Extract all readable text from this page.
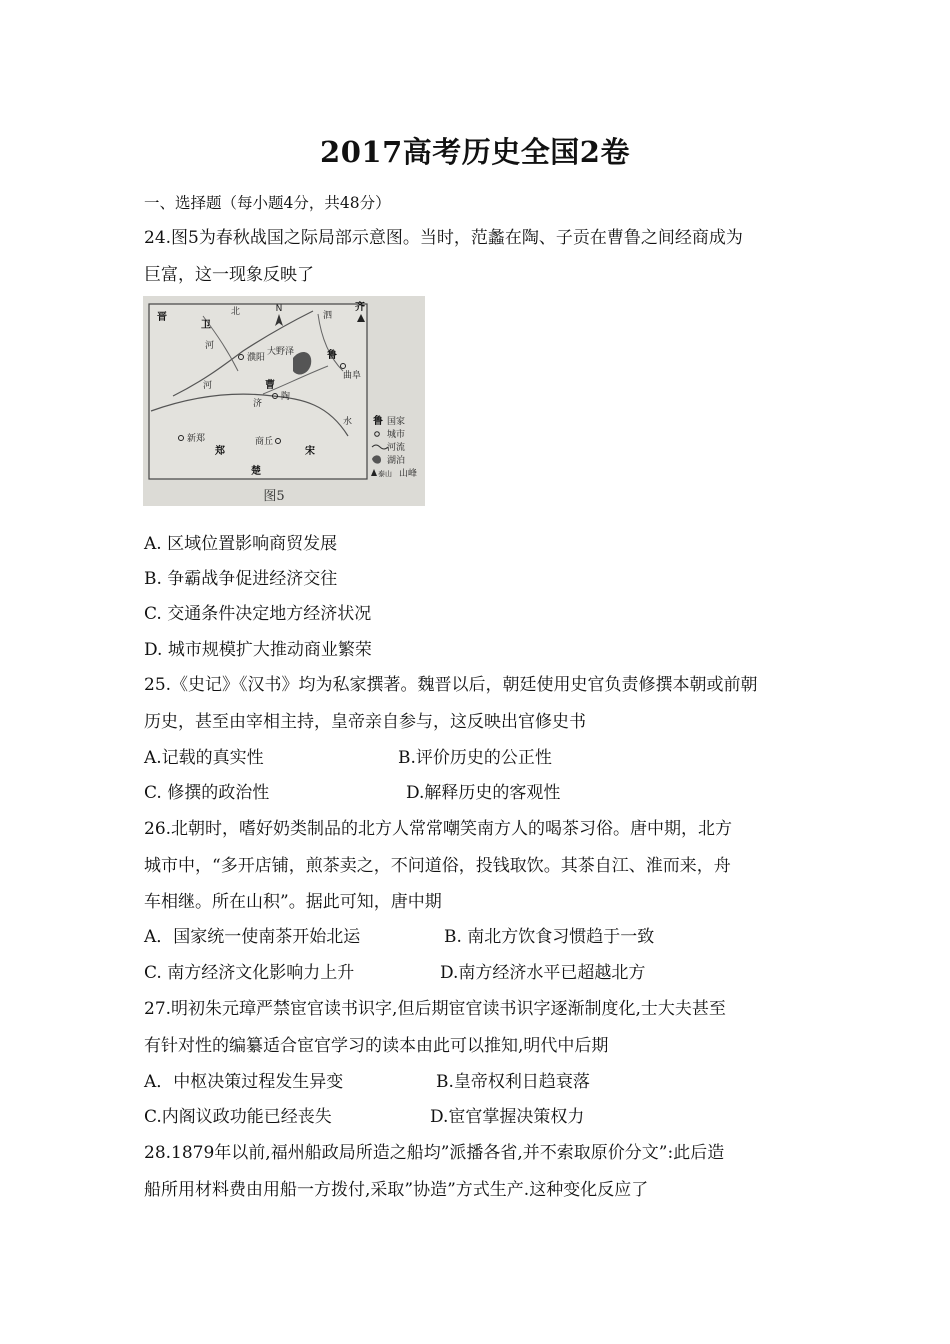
2017高考历史全国2卷
一、选择题（每小题4分，共48分）
24.图5为春秋战国之际局部示意图。当时，范蠡在陶、子贡在曹鲁之间经商成为
巨富，这一现象反映了
N
晋
卫
齐
曹
鲁
郑	宋
楚
濮阳
陶
曲阜
新郑	商丘
大野泽
河
河
济
北	泗
水 鲁 国家
城市
河流
湖泊
泰山 山峰
图5
A. 区域位置影响商贸发展
B. 争霸战争促进经济交往
C. 交通条件决定地方经济状况
D. 城市规模扩大推动商业繁荣
25.《史记》《汉书》均为私家撰著。魏晋以后，朝廷使用史官负责修撰本朝或前朝
历史，甚至由宰相主持，皇帝亲自参与，这反映出官修史书
A.记载的真实性	B.评价历史的公正性
C. 修撰的政治性	D.解释历史的客观性
26.北朝时，嗜好奶类制品的北方人常常嘲笑南方人的喝茶习俗。唐中期，北方
城市中，“多开店铺，煎茶卖之，不问道俗，投钱取饮。其茶自江、淮而来，舟
车相继。所在山积”。据此可知，唐中期
A．国家统一使南茶开始北运	B. 南北方饮食习惯趋于一致
C. 南方经济文化影响力上升	D.南方经济水平已超越北方
27.明初朱元璋严禁宦官读书识字,但后期宦官读书识字逐渐制度化,士大夫甚至
有针对性的编纂适合宦官学习的读本由此可以推知,明代中后期
A．中枢决策过程发生异变	B.皇帝权利日趋衰落
C.内阁议政功能已经丧失	D.宦官掌握决策权力
28.1879年以前,福州船政局所造之船均”派播各省,并不索取原价分文”:此后造
船所用材料费由用船一方拨付,采取”协造”方式生产.这种变化反应了
